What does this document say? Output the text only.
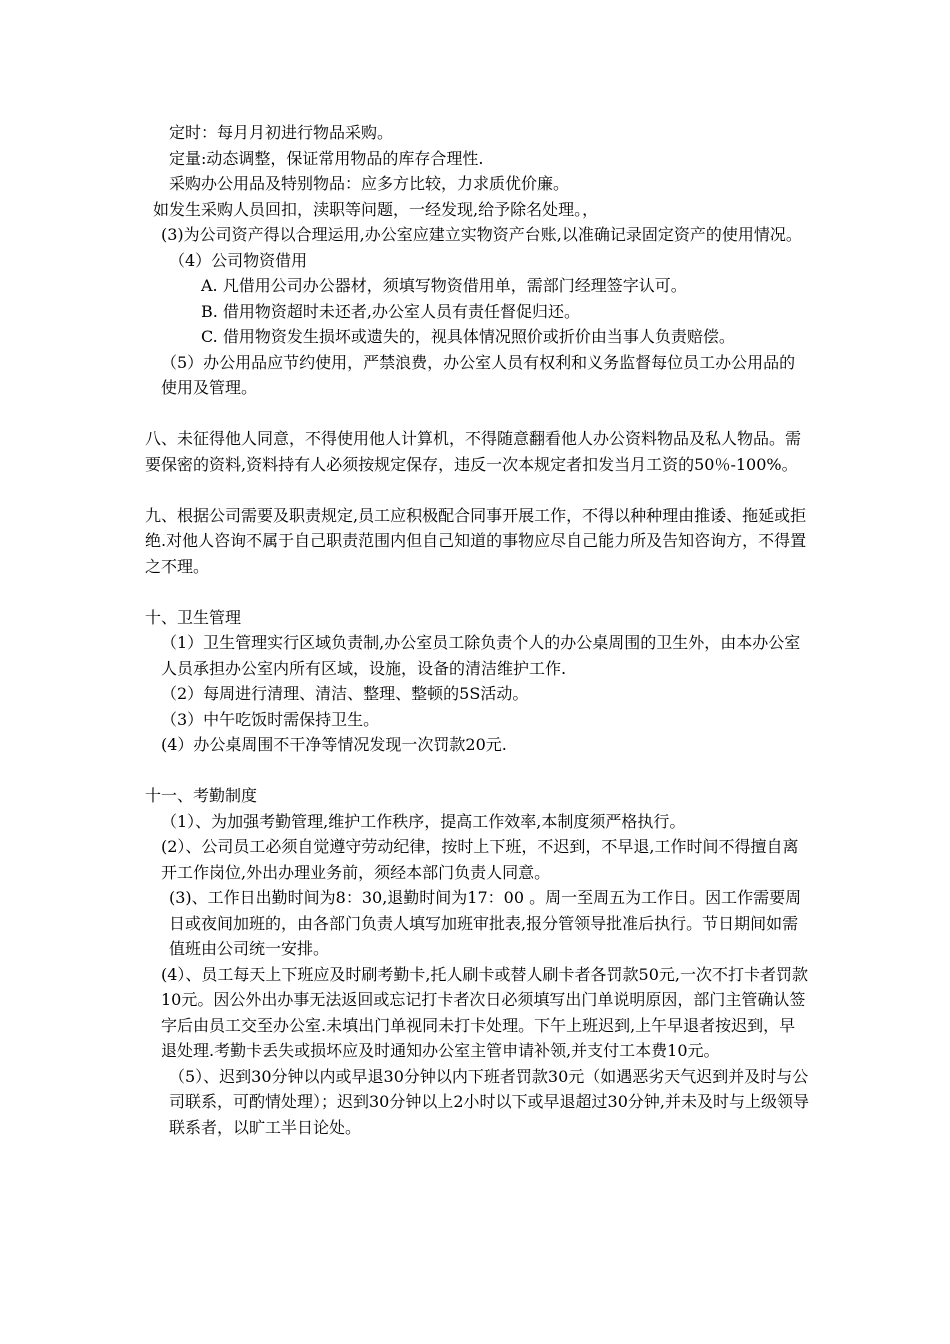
定时：每月月初进行物品采购。

定量:动态调整，保证常用物品的库存合理性.

采购办公用品及特别物品：应多方比较，力求质优价廉。

如发生采购人员回扣，渎职等问题，一经发现,给予除名处理。，

(3)为公司资产得以合理运用,办公室应建立实物资产台账,以准确记录固定资产的使用情况。

（4）公司物资借用

A. 凡借用公司办公器材，须填写物资借用单，需部门经理签字认可。

B. 借用物资超时未还者,办公室人员有责任督促归还。

C. 借用物资发生损坏或遗失的，视具体情况照价或折价由当事人负责赔偿。

（5）办公用品应节约使用，严禁浪费，办公室人员有权利和义务监督每位员工办公用品的使用及管理。

八、未征得他人同意，不得使用他人计算机，不得随意翻看他人办公资料物品及私人物品。需要保密的资料,资料持有人必须按规定保存，违反一次本规定者扣发当月工资的50％-100%。

九、根据公司需要及职责规定,员工应积极配合同事开展工作，不得以种种理由推诿、拖延或拒绝.对他人咨询不属于自己职责范围内但自己知道的事物应尽自己能力所及告知咨询方，不得置之不理。

十、卫生管理

（1）卫生管理实行区域负责制,办公室员工除负责个人的办公桌周围的卫生外，由本办公室人员承担办公室内所有区域，设施，设备的清洁维护工作.

（2）每周进行清理、清洁、整理、整顿的5S活动。

（3）中午吃饭时需保持卫生。

(4）办公桌周围不干净等情况发现一次罚款20元.

十一、考勤制度

（1）、为加强考勤管理,维护工作秩序，提高工作效率,本制度须严格执行。

(2）、公司员工必须自觉遵守劳动纪律，按时上下班，不迟到，不早退,工作时间不得擅自离开工作岗位,外出办理业务前，须经本部门负责人同意。

(3)、工作日出勤时间为8：30,退勤时间为17：00 。周一至周五为工作日。因工作需要周日或夜间加班的，由各部门负责人填写加班审批表,报分管领导批准后执行。节日期间如需值班由公司统一安排。

(4）、员工每天上下班应及时刷考勤卡,托人刷卡或替人刷卡者各罚款50元,一次不打卡者罚款10元。因公外出办事无法返回或忘记打卡者次日必须填写出门单说明原因，部门主管确认签字后由员工交至办公室.未填出门单视同未打卡处理。下午上班迟到,上午早退者按迟到，早退处理.考勤卡丢失或损坏应及时通知办公室主管申请补领,并支付工本费10元。

（5）、迟到30分钟以内或早退30分钟以内下班者罚款30元（如遇恶劣天气迟到并及时与公司联系，可酌情处理）；迟到30分钟以上2小时以下或早退超过30分钟,并未及时与上级领导联系者，以旷工半日论处。
